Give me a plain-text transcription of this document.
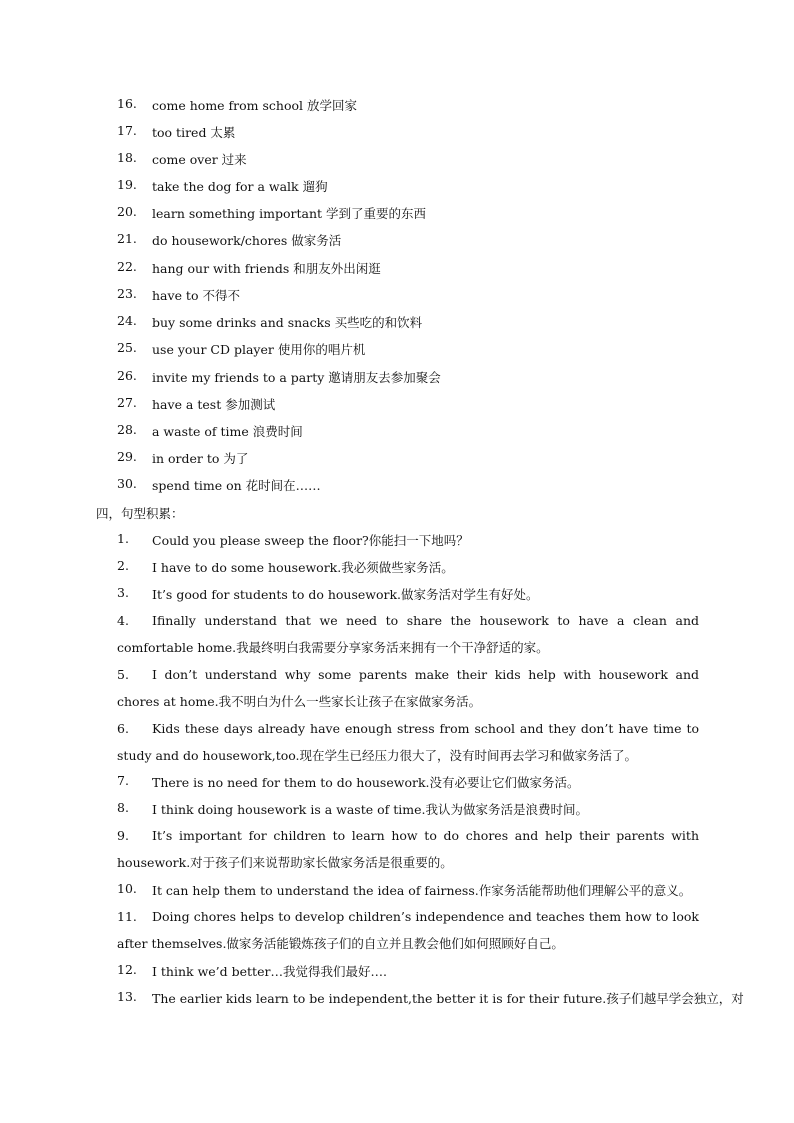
16. come home from school 放学回家
17. too tired 太累
18. come over 过来
19. take the dog for a walk 遛狗
20. learn something important 学到了重要的东西
21. do housework/chores 做家务活
22. hang our with friends 和朋友外出闲逛
23. have to 不得不
24. buy some drinks and snacks 买些吃的和饮料
25. use your CD player 使用你的唱片机
26. invite my friends to a party 邀请朋友去参加聚会
27. have a test 参加测试
28. a waste of time 浪费时间
29. in order to 为了
30. spend time on 花时间在……
四，句型积累：
1. Could you please sweep the floor?你能扫一下地吗？
2. I have to do some housework.我必须做些家务活。
3. It’s good for students to do housework.做家务活对学生有好处。
4. Ifinally understand that we need to share the housework to have a clean and comfortable home.我最终明白我需要分享家务活来拥有一个干净舒适的家。
5. I don’t understand why some parents make their kids help with housework and chores at home.我不明白为什么一些家长让孩子在家做家务活。
6. Kids these days already have enough stress from school and they don’t have time to study and do housework,too.现在学生已经压力很大了，没有时间再去学习和做家务活了。
7. There is no need for them to do housework.没有必要让它们做家务活。
8. I think doing housework is a waste of time.我认为做家务活是浪费时间。
9. It’s important for children to learn how to do chores and help their parents with housework.对于孩子们来说帮助家长做家务活是很重要的。
10. It can help them to understand the idea of fairness.作家务活能帮助他们理解公平的意义。
11. Doing chores helps to develop children’s independence and teaches them how to look after themselves.做家务活能锻炼孩子们的自立并且教会他们如何照顾好自己。
12. I think we’d better…我觉得我们最好….
13. The earlier kids learn to be independent,the better it is for their future.孩子们越早学会独立，对
